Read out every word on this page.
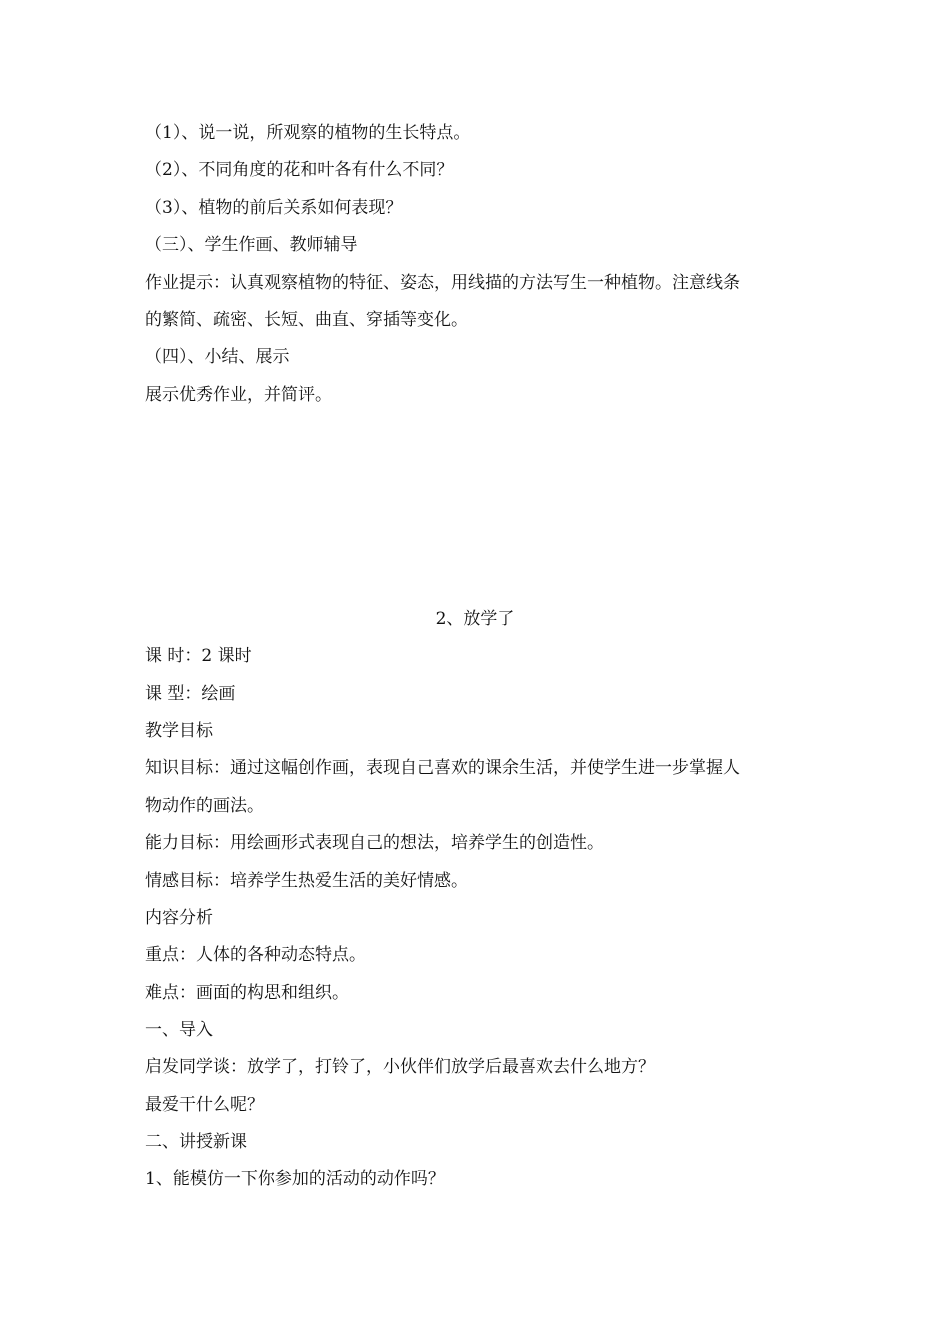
（1）、说一说，所观察的植物的生长特点。
（2）、不同角度的花和叶各有什么不同？
（3）、植物的前后关系如何表现？
（三）、学生作画、教师辅导
作业提示：认真观察植物的特征、姿态，用线描的方法写生一种植物。注意线条
的繁简、疏密、长短、曲直、穿插等变化。
（四）、小结、展示
展示优秀作业，并简评。
2、放学了
课 时：2 课时
课 型：绘画
教学目标
知识目标：通过这幅创作画，表现自己喜欢的课余生活，并使学生进一步掌握人
物动作的画法。
能力目标：用绘画形式表现自己的想法，培养学生的创造性。
情感目标：培养学生热爱生活的美好情感。
内容分析
重点：人体的各种动态特点。
难点：画面的构思和组织。
一、导入
启发同学谈：放学了，打铃了，小伙伴们放学后最喜欢去什么地方？
最爱干什么呢？
二、讲授新课
1、能模仿一下你参加的活动的动作吗？
